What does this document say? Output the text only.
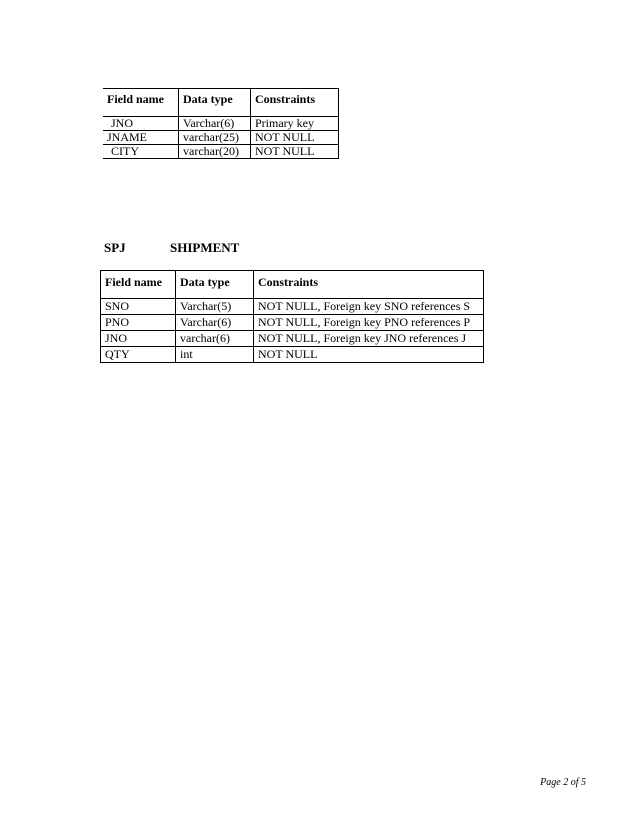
Field name	Data type	Constraints

JNO	Varchar(6)	Primary key
JNAME	varchar(25)	NOT NULL
CITY	varchar(20)	NOT NULL
SPJ	SHIPMENT
Field name	Data type	Constraints

SNO	Varchar(5)	NOT NULL, Foreign key SNO references S
PNO	Varchar(6)	NOT NULL, Foreign key PNO references P
JNO	varchar(6)	NOT NULL, Foreign key JNO references J
QTY	int	NOT NULL
Page 2 of 5
